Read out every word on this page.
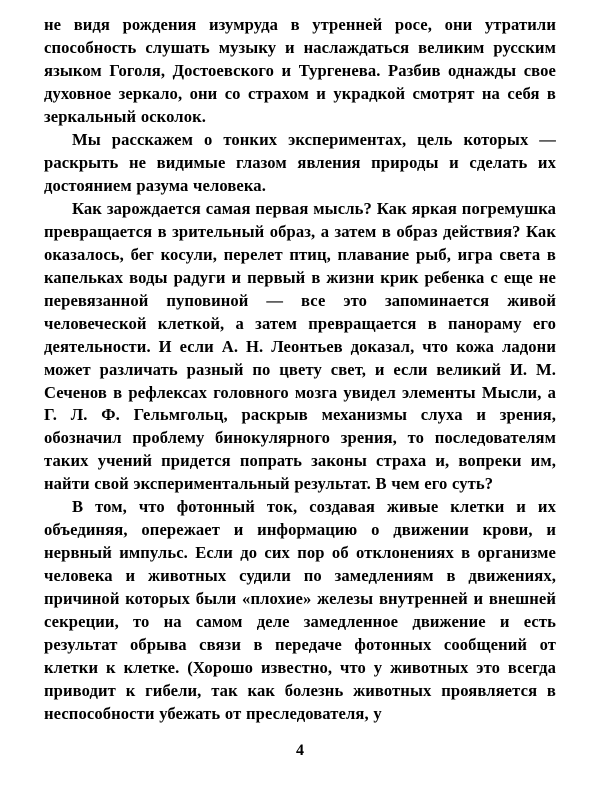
не видя рождения изумруда в утренней росе, они утратили способность слушать музыку и наслаждаться великим русским языком Гоголя, Достоевского и Тургенева. Разбив однажды свое духовное зеркало, они со страхом и украдкой смотрят на себя в зеркальный осколок.

Мы расскажем о тонких экспериментах, цель которых — раскрыть не видимые глазом явления природы и сделать их достоянием разума человека.

Как зарождается самая первая мысль? Как яркая погремушка превращается в зрительный образ, а затем в образ действия? Как оказалось, бег косули, перелет птиц, плавание рыб, игра света в капельках воды радуги и первый в жизни крик ребенка с еще не перевязанной пуповиной — все это запоминается живой человеческой клеткой, а затем превращается в панораму его деятельности. И если А. Н. Леонтьев доказал, что кожа ладони может различать разный по цвету свет, и если великий И. М. Сеченов в рефлексах головного мозга увидел элементы Мысли, а Г. Л. Ф. Гельмгольц, раскрыв механизмы слуха и зрения, обозначил проблему бинокулярного зрения, то последователям таких учений придется попрать законы страха и, вопреки им, найти свой экспериментальный результат. В чем его суть?

В том, что фотонный ток, создавая живые клетки и их объединяя, опережает и информацию о движении крови, и нервный импульс. Если до сих пор об отклонениях в организме человека и животных судили по замедлениям в движениях, причиной которых были «плохие» железы внутренней и внешней секреции, то на самом деле замедленное движение и есть результат обрыва связи в передаче фотонных сообщений от клетки к клетке. (Хорошо известно, что у животных это всегда приводит к гибели, так как болезнь животных проявляется в неспособности убежать от преследователя, у

4
